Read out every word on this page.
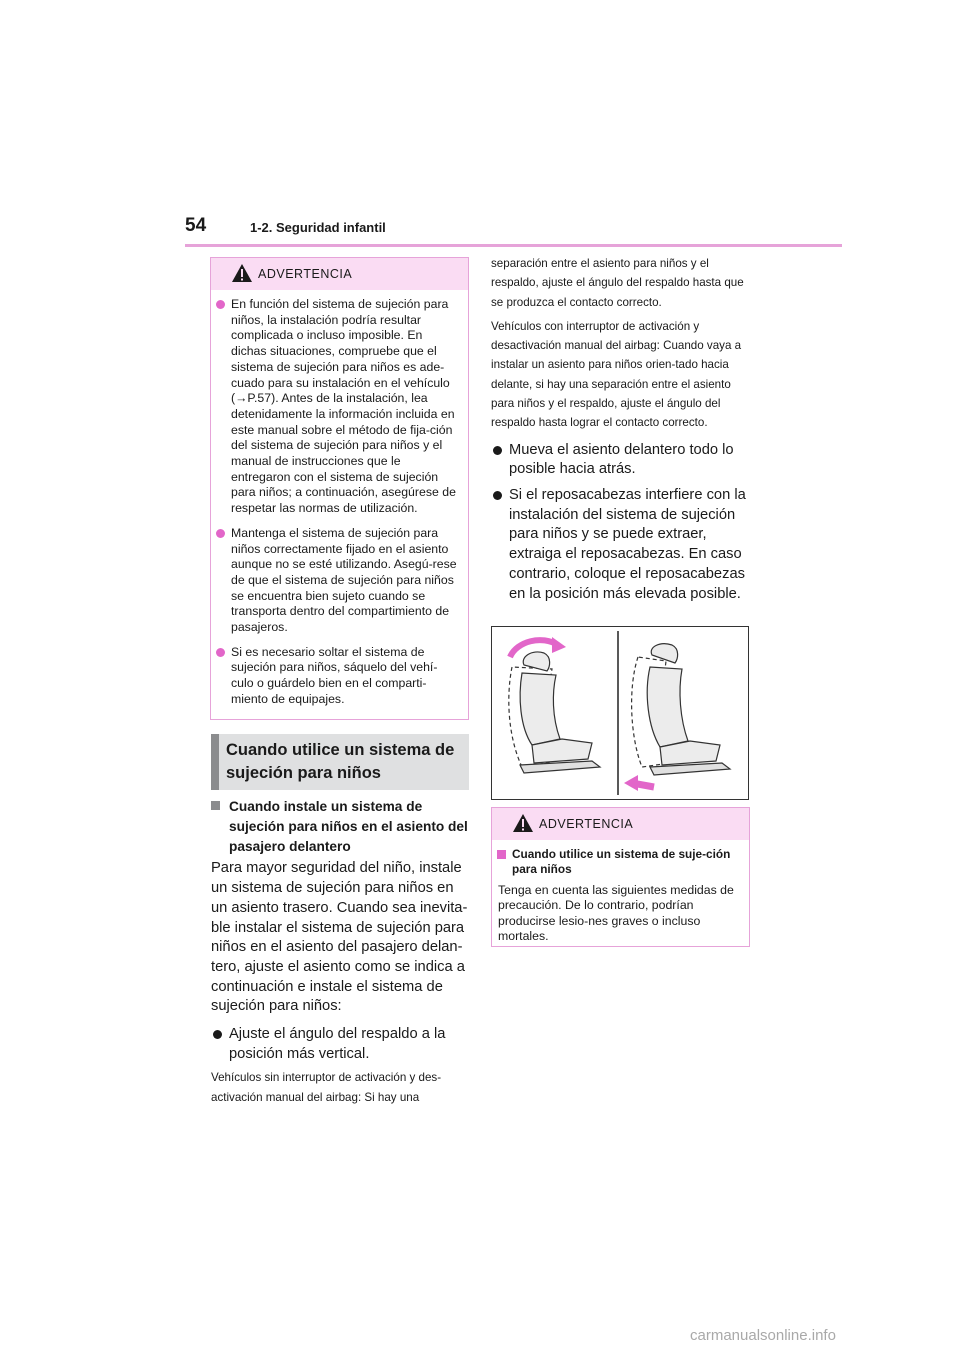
54	1-2. Seguridad infantil
ADVERTENCIA
En función del sistema de sujeción para niños, la instalación podría resultar complicada o incluso imposible. En dichas situaciones, compruebe que el sistema de sujeción para niños es ade-cuado para su instalación en el vehículo (→P.57). Antes de la instalación, lea detenidamente la información incluida en este manual sobre el método de fija-ción del sistema de sujeción para niños y el manual de instrucciones que le entregaron con el sistema de sujeción para niños; a continuación, asegúrese de respetar las normas de utilización.
Mantenga el sistema de sujeción para niños correctamente fijado en el asiento aunque no se esté utilizando. Asegú-rese de que el sistema de sujeción para niños se encuentra bien sujeto cuando se transporta dentro del compartimiento de pasajeros.
Si es necesario soltar el sistema de sujeción para niños, sáquelo del vehí-culo o guárdelo bien en el comparti-miento de equipajes.
Cuando utilice un sistema de sujeción para niños
Cuando instale un sistema de sujeción para niños en el asiento del pasajero delantero
Para mayor seguridad del niño, instale un sistema de sujeción para niños en un asiento trasero. Cuando sea inevita-ble instalar el sistema de sujeción para niños en el asiento del pasajero delan-tero, ajuste el asiento como se indica a continuación e instale el sistema de sujeción para niños:
Ajuste el ángulo del respaldo a la posición más vertical.
Vehículos sin interruptor de activación y des-activación manual del airbag: Si hay una
separación entre el asiento para niños y el respaldo, ajuste el ángulo del respaldo hasta que se produzca el contacto correcto.
Vehículos con interruptor de activación y desactivación manual del airbag: Cuando vaya a instalar un asiento para niños orien-tado hacia delante, si hay una separación entre el asiento para niños y el respaldo, ajuste el ángulo del respaldo hasta lograr el contacto correcto.
Mueva el asiento delantero todo lo posible hacia atrás.
Si el reposacabezas interfiere con la instalación del sistema de sujeción para niños y se puede extraer, extraiga el reposacabezas. En caso contrario, coloque el reposacabezas en la posición más elevada posible.
ADVERTENCIA
Cuando utilice un sistema de suje-ción para niños
Tenga en cuenta las siguientes medidas de precaución. De lo contrario, podrían producirse lesio-nes graves o incluso mortales.
carmanualsonline.info
